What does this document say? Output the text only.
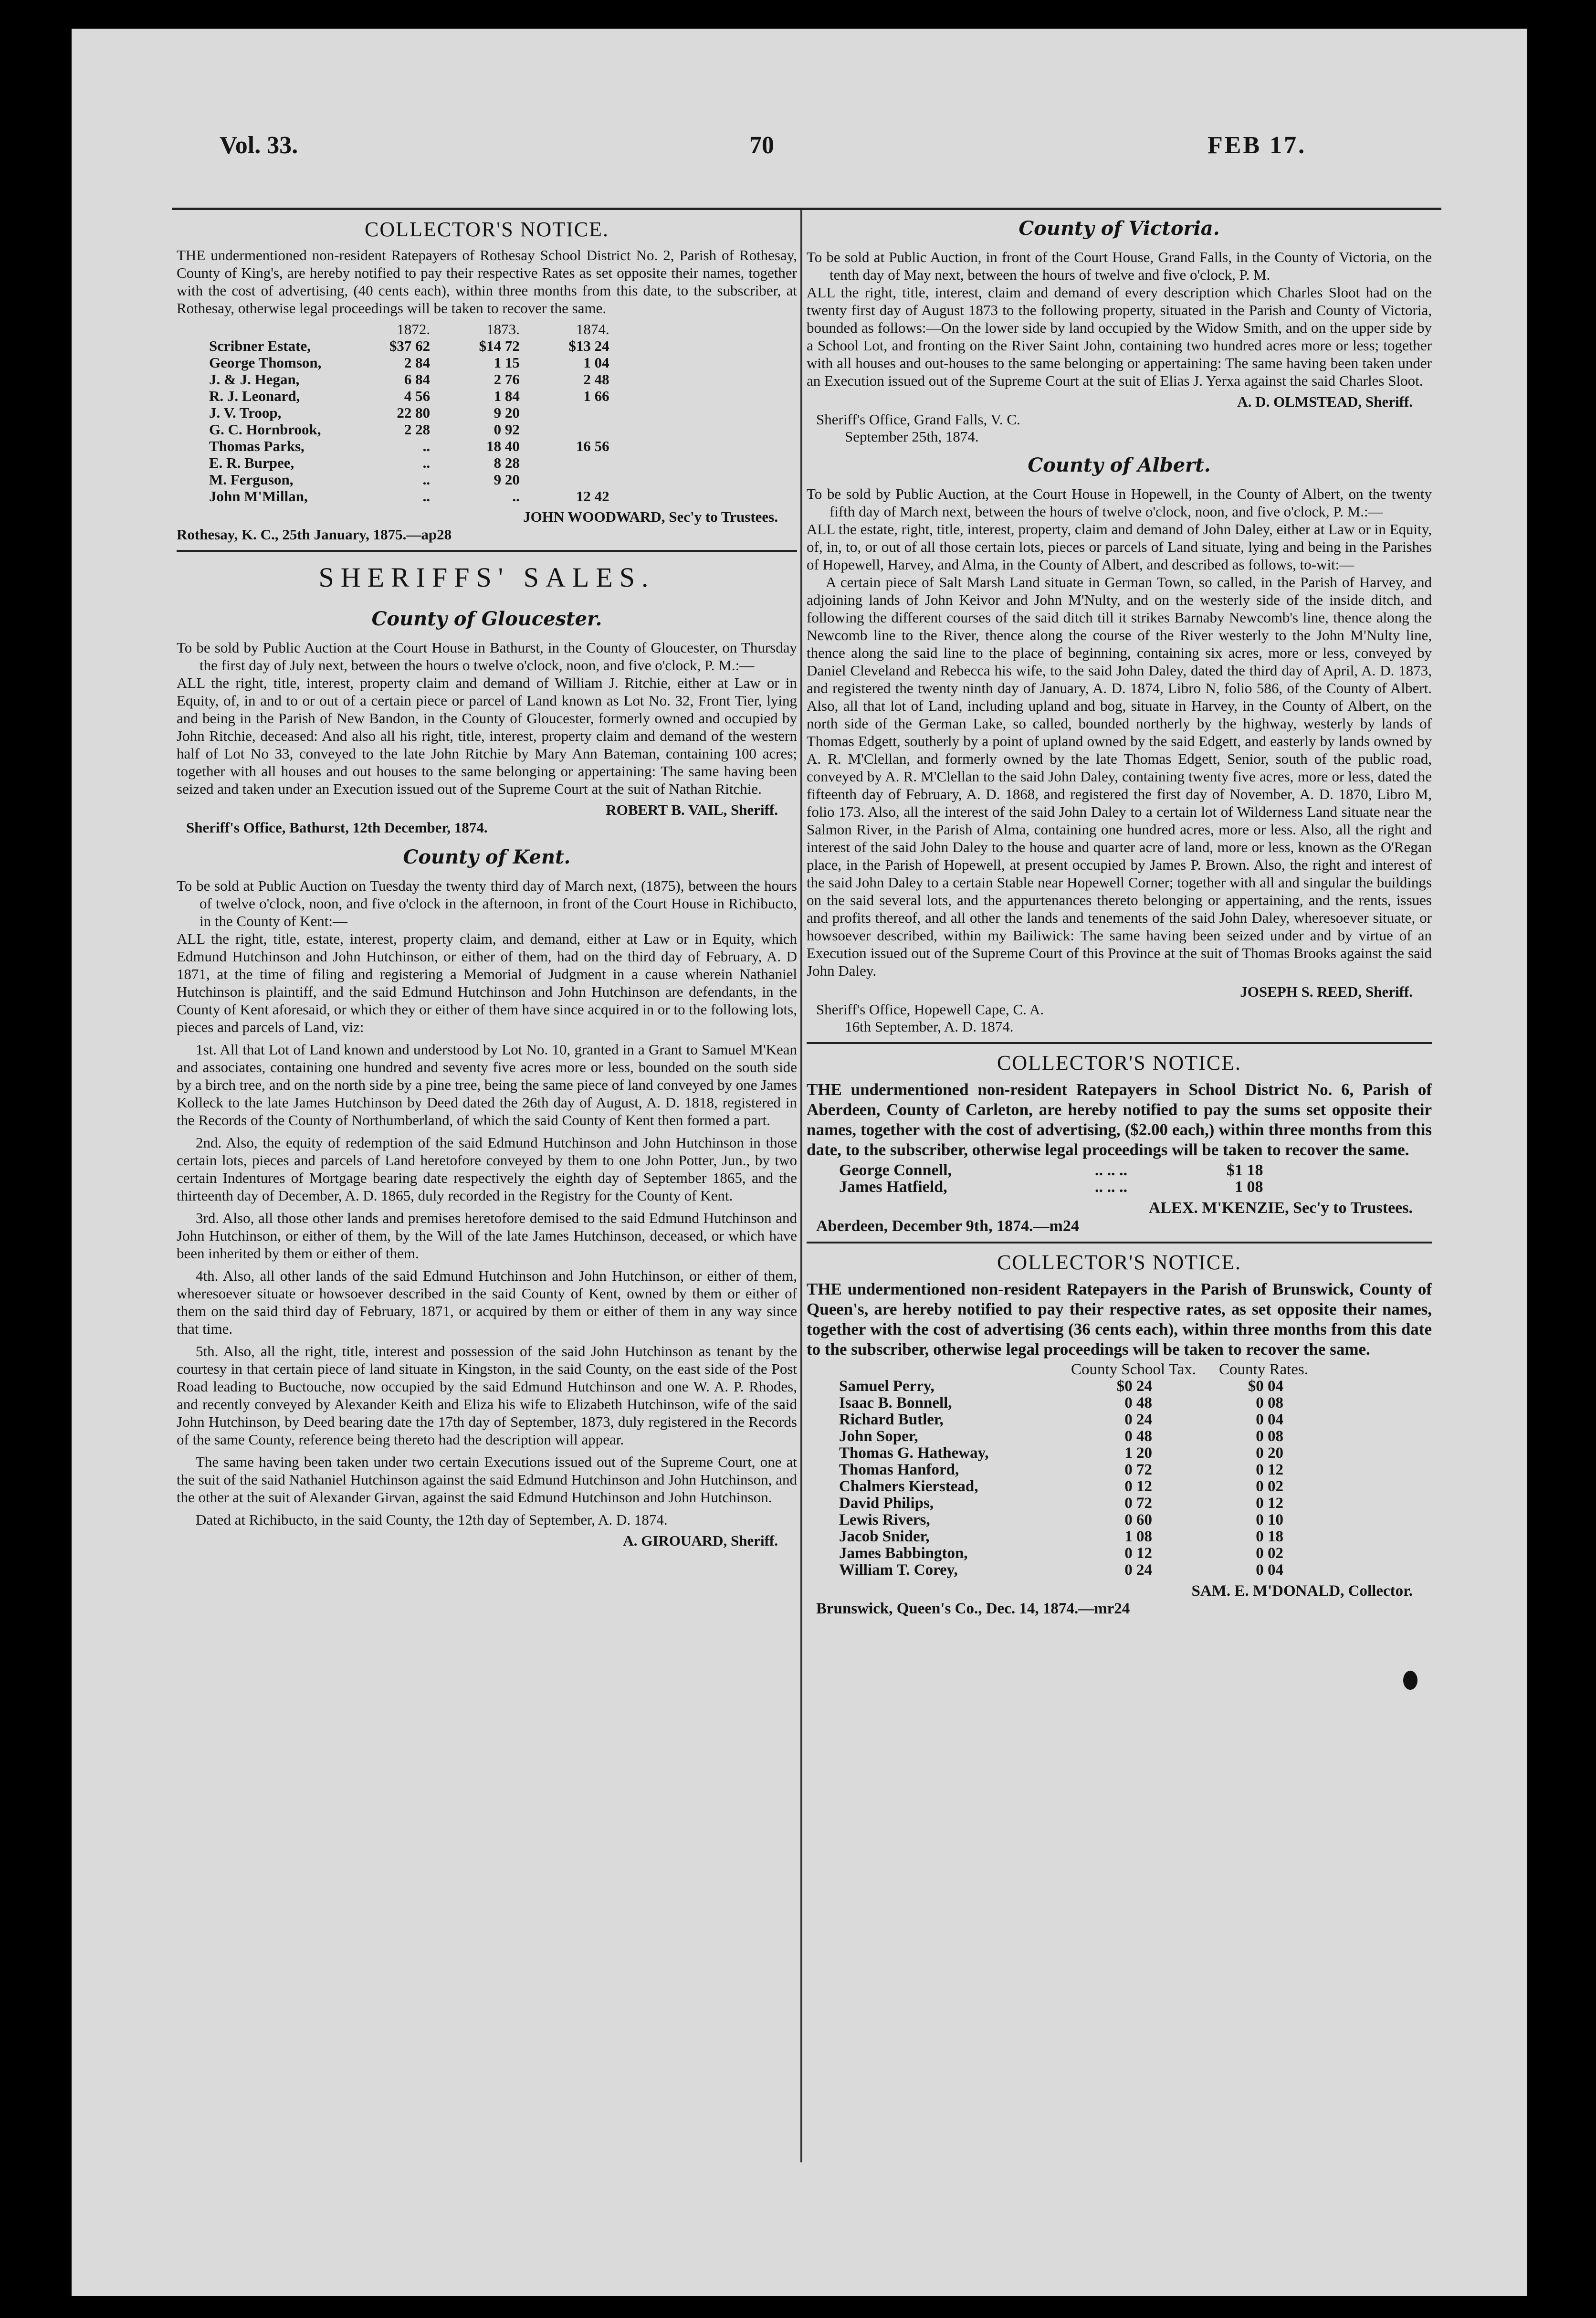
Vol. 33.	70	FEB 17.
COLLECTOR'S NOTICE.

THE undermentioned non-resident Ratepayers of Rothesay School District No. 2, Parish of Rothesay, County of King's, are hereby notified to pay their respective Rates as set opposite their names, together with the cost of advertising, (40 cents each), within three months from this date, to the subscriber, at Rothesay, otherwise legal proceedings will be taken to recover the same.

	1872.	1873.	1874.
Scribner Estate,	$37 62	$14 72	$13 24
George Thomson,	2 84	1 15	1 04
J. & J. Hegan,	6 84	2 76	2 48
R. J. Leonard,	4 56	1 84	1 66
J. V. Troop,	22 80	9 20	
G. C. Hornbrook,	2 28	0 92	
Thomas Parks,	..	18 40	16 56
E. R. Burpee,	..	8 28	
M. Ferguson,	..	9 20	
John M'Millan,	..	..	12 42

JOHN WOODWARD, Sec'y to Trustees.

Rothesay, K. C., 25th January, 1875.—ap28

SHERIFFS' SALES.
County of Gloucester.

To be sold by Public Auction at the Court House in Bathurst, in the County of Gloucester, on Thursday the first day of July next, between the hours o twelve o'clock, noon, and five o'clock, P. M.:—

ALL the right, title, interest, property claim and demand of William J. Ritchie, either at Law or in Equity, of, in and to or out of a certain piece or parcel of Land known as Lot No. 32, Front Tier, lying and being in the Parish of New Bandon, in the County of Gloucester, formerly owned and occupied by John Ritchie, deceased: And also all his right, title, interest, property claim and demand of the western half of Lot No 33, conveyed to the late John Ritchie by Mary Ann Bateman, containing 100 acres; together with all houses and out houses to the same belonging or appertaining: The same having been seized and taken under an Execution issued out of the Supreme Court at the suit of Nathan Ritchie.

ROBERT B. VAIL, Sheriff.

Sheriff's Office, Bathurst, 12th December, 1874.

County of Kent.

To be sold at Public Auction on Tuesday the twenty third day of March next, (1875), between the hours of twelve o'clock, noon, and five o'clock in the afternoon, in front of the Court House in Richibucto, in the County of Kent:—

ALL the right, title, estate, interest, property claim, and demand, either at Law or in Equity, which Edmund Hutchinson and John Hutchinson, or either of them, had on the third day of February, A. D 1871, at the time of filing and registering a Memorial of Judgment in a cause wherein Nathaniel Hutchinson is plaintiff, and the said Edmund Hutchinson and John Hutchinson are defendants, in the County of Kent aforesaid, or which they or either of them have since acquired in or to the following lots, pieces and parcels of Land, viz:

1st. All that Lot of Land known and understood by Lot No. 10, granted in a Grant to Samuel M'Kean and associates, containing one hundred and seventy five acres more or less, bounded on the south side by a birch tree, and on the north side by a pine tree, being the same piece of land conveyed by one James Kolleck to the late James Hutchinson by Deed dated the 26th day of August, A. D. 1818, registered in the Records of the County of Northumberland, of which the said County of Kent then formed a part.

2nd. Also, the equity of redemption of the said Edmund Hutchinson and John Hutchinson in those certain lots, pieces and parcels of Land heretofore conveyed by them to one John Potter, Jun., by two certain Indentures of Mortgage bearing date respectively the eighth day of September 1865, and the thirteenth day of December, A. D. 1865, duly recorded in the Registry for the County of Kent.

3rd. Also, all those other lands and premises heretofore demised to the said Edmund Hutchinson and John Hutchinson, or either of them, by the Will of the late James Hutchinson, deceased, or which have been inherited by them or either of them.

4th. Also, all other lands of the said Edmund Hutchinson and John Hutchinson, or either of them, wheresoever situate or howsoever described in the said County of Kent, owned by them or either of them on the said third day of February, 1871, or acquired by them or either of them in any way since that time.

5th. Also, all the right, title, interest and possession of the said John Hutchinson as tenant by the courtesy in that certain piece of land situate in Kingston, in the said County, on the east side of the Post Road leading to Buctouche, now occupied by the said Edmund Hutchinson and one W. A. P. Rhodes, and recently conveyed by Alexander Keith and Eliza his wife to Elizabeth Hutchinson, wife of the said John Hutchinson, by Deed bearing date the 17th day of September, 1873, duly registered in the Records of the same County, reference being thereto had the description will appear.

The same having been taken under two certain Executions issued out of the Supreme Court, one at the suit of the said Nathaniel Hutchinson against the said Edmund Hutchinson and John Hutchinson, and the other at the suit of Alexander Girvan, against the said Edmund Hutchinson and John Hutchinson.

Dated at Richibucto, in the said County, the 12th day of September, A. D. 1874.

A. GIROUARD, Sheriff.

County of Victoria.

To be sold at Public Auction, in front of the Court House, Grand Falls, in the County of Victoria, on the tenth day of May next, between the hours of twelve and five o'clock, P. M.

ALL the right, title, interest, claim and demand of every description which Charles Sloot had on the twenty first day of August 1873 to the following property, situated in the Parish and County of Victoria, bounded as follows:—On the lower side by land occupied by the Widow Smith, and on the upper side by a School Lot, and fronting on the River Saint John, containing two hundred acres more or less; together with all houses and out-houses to the same belonging or appertaining: The same having been taken under an Execution issued out of the Supreme Court at the suit of Elias J. Yerxa against the said Charles Sloot.

A. D. OLMSTEAD, Sheriff.

Sheriff's Office, Grand Falls, V. C.

September 25th, 1874.

County of Albert.

To be sold by Public Auction, at the Court House in Hopewell, in the County of Albert, on the twenty fifth day of March next, between the hours of twelve o'clock, noon, and five o'clock, P. M.:—

ALL the estate, right, title, interest, property, claim and demand of John Daley, either at Law or in Equity, of, in, to, or out of all those certain lots, pieces or parcels of Land situate, lying and being in the Parishes of Hopewell, Harvey, and Alma, in the County of Albert, and described as follows, to-wit:—

A certain piece of Salt Marsh Land situate in German Town, so called, in the Parish of Harvey, and adjoining lands of John Keivor and John M'Nulty, and on the westerly side of the inside ditch, and following the different courses of the said ditch till it strikes Barnaby Newcomb's line, thence along the Newcomb line to the River, thence along the course of the River westerly to the John M'Nulty line, thence along the said line to the place of beginning, containing six acres, more or less, conveyed by Daniel Cleveland and Rebecca his wife, to the said John Daley, dated the third day of April, A. D. 1873, and registered the twenty ninth day of January, A. D. 1874, Libro N, folio 586, of the County of Albert. Also, all that lot of Land, including upland and bog, situate in Harvey, in the County of Albert, on the north side of the German Lake, so called, bounded northerly by the highway, westerly by lands of Thomas Edgett, southerly by a point of upland owned by the said Edgett, and easterly by lands owned by A. R. M'Clellan, and formerly owned by the late Thomas Edgett, Senior, south of the public road, conveyed by A. R. M'Clellan to the said John Daley, containing twenty five acres, more or less, dated the fifteenth day of February, A. D. 1868, and registered the first day of November, A. D. 1870, Libro M, folio 173. Also, all the interest of the said John Daley to a certain lot of Wilderness Land situate near the Salmon River, in the Parish of Alma, containing one hundred acres, more or less. Also, all the right and interest of the said John Daley to the house and quarter acre of land, more or less, known as the O'Regan place, in the Parish of Hopewell, at present occupied by James P. Brown. Also, the right and interest of the said John Daley to a certain Stable near Hopewell Corner; together with all and singular the buildings on the said several lots, and the appurtenances thereto belonging or appertaining, and the rents, issues and profits thereof, and all other the lands and tenements of the said John Daley, wheresoever situate, or howsoever described, within my Bailiwick: The same having been seized under and by virtue of an Execution issued out of the Supreme Court of this Province at the suit of Thomas Brooks against the said John Daley.

JOSEPH S. REED, Sheriff.

Sheriff's Office, Hopewell Cape, C. A.

16th September, A. D. 1874.

COLLECTOR'S NOTICE.

THE undermentioned non-resident Ratepayers in School District No. 6, Parish of Aberdeen, County of Carleton, are hereby notified to pay the sums set opposite their names, together with the cost of advertising, ($2.00 each,) within three months from this date, to the subscriber, otherwise legal proceedings will be taken to recover the same.

George Connell,	.. .. ..	$1 18
James Hatfield,	.. .. ..	1 08

ALEX. M'KENZIE, Sec'y to Trustees.

Aberdeen, December 9th, 1874.—m24

COLLECTOR'S NOTICE.

THE undermentioned non-resident Ratepayers in the Parish of Brunswick, County of Queen's, are hereby notified to pay their respective rates, as set opposite their names, together with the cost of advertising (36 cents each), within three months from this date to the subscriber, otherwise legal proceedings will be taken to recover the same.

	County School Tax.	County Rates.
Samuel Perry,	$0 24	$0 04
Isaac B. Bonnell,	0 48	0 08
Richard Butler,	0 24	0 04
John Soper,	0 48	0 08
Thomas G. Hatheway,	1 20	0 20
Thomas Hanford,	0 72	0 12
Chalmers Kierstead,	0 12	0 02
David Philips,	0 72	0 12
Lewis Rivers,	0 60	0 10
Jacob Snider,	1 08	0 18
James Babbington,	0 12	0 02
William T. Corey,	0 24	0 04

SAM. E. M'DONALD, Collector.

Brunswick, Queen's Co., Dec. 14, 1874.—mr24
